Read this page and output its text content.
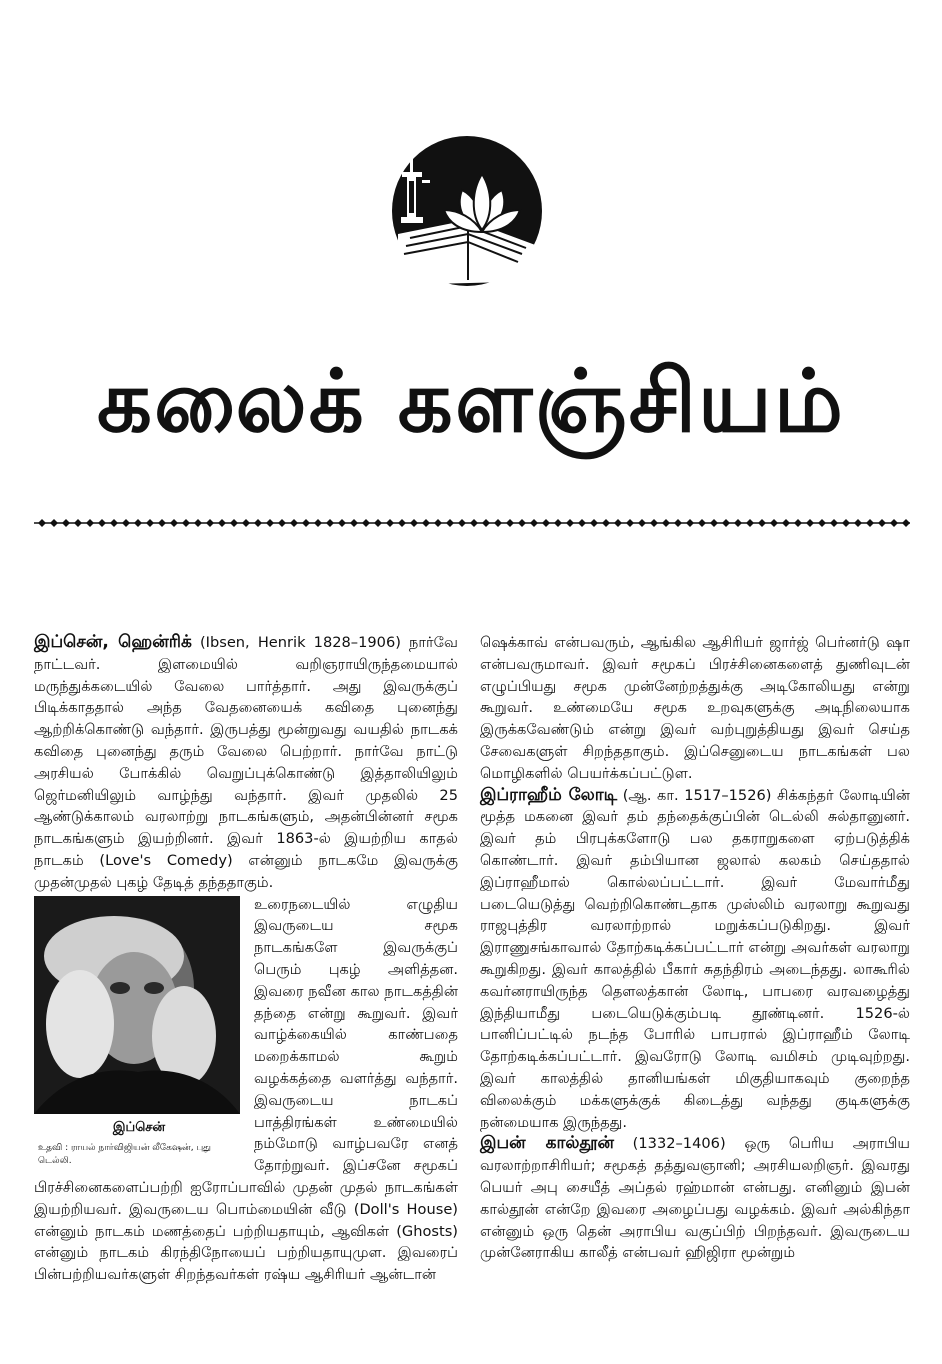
கலைக் களஞ்சியம்

இப்சென், ஹென்ரிக் (Ibsen, Henrik 1828–1906) நார்வே நாட்டவர். இளமையில் வறிஞராயிருந்தமையால் மருந்துக்கடையில் வேலை பார்த்தார். அது இவருக்குப் பிடிக்காததால் அந்த வேதனையைக் கவிதை புனைந்து ஆற்றிக்கொண்டு வந்தார். இருபத்து மூன்றுவது வயதில் நாடகக் கவிதை புனைந்து தரும் வேலை பெற்றார். நார்வே நாட்டு அரசியல் போக்கில் வெறுப்புக்கொண்டு இத்தாலியிலும் ஜெர்மனியிலும் வாழ்ந்து வந்தார். இவர் முதலில் 25 ஆண்டுக்காலம் வரலாற்று நாடகங்களும், அதன்பின்னர் சமூக நாடகங்களும் இயற்றினர். இவர் 1863-ல் இயற்றிய காதல் நாடகம் (Love's Comedy) என்னும் நாடகமே இவருக்கு முதன்முதல் புகழ் தேடித் தந்ததாகும்.

இப்சென்
உதவி : ராயல் நார்விஜியன் லீகேஷன், புது டெல்லி.

உரைநடையில் எழுதிய இவருடைய சமூக நாடகங்களே இவருக்குப் பெரும் புகழ் அளித்தன. இவரை நவீன கால நாடகத்தின் தந்தை என்று கூறுவர். இவர் வாழ்க்கையில் காண்பதை மறைக்காமல் கூறும் வழக்கத்தை வளர்த்து வந்தார். இவருடைய நாடகப் பாத்திரங்கள் உண்மையில் நம்மோடு வாழ்பவரே எனத் தோற்றுவர். இப்சனே சமூகப் பிரச்சினைகளைப்பற்றி ஐரோப்பாவில் முதன் முதல் நாடகங்கள் இயற்றியவர். இவருடைய பொம்மையின் வீடு (Doll's House) என்னும் நாடகம் மணத்தைப் பற்றியதாயும், ஆவிகள் (Ghosts) என்னும் நாடகம் கிரந்திநோயைப் பற்றியதாயுமுள. இவரைப் பின்பற்றியவர்களுள் சிறந்தவர்கள் ரஷ்ய ஆசிரியர் ஆன்டான்

ஷெக்காவ் என்பவரும், ஆங்கில ஆசிரியர் ஜார்ஜ் பெர்னர்டு ஷா என்பவருமாவர். இவர் சமூகப் பிரச்சினைகளைத் துணிவுடன் எழுப்பியது சமூக முன்னேற்றத்துக்கு அடிகோலியது என்று கூறுவர். உண்மையே சமூக உறவுகளுக்கு அடிநிலையாக இருக்கவேண்டும் என்று இவர் வற்புறுத்தியது இவர் செய்த சேவைகளுள் சிறந்ததாகும். இப்செனுடைய நாடகங்கள் பல மொழிகளில் பெயர்க்கப்பட்டுள.

இப்ராஹீம் லோடி (ஆ. கா. 1517–1526) சிக்கந்தர் லோடியின் மூத்த மகனை இவர் தம் தந்தைக்குப்பின் டெல்லி சுல்தானுனர். இவர் தம் பிரபுக்களோடு பல தகராறுகளை ஏற்படுத்திக் கொண்டார். இவர் தம்பியான ஜலால் கலகம் செய்ததால் இப்ராஹீமால் கொல்லப்பட்டார். இவர் மேவார்மீது படையெடுத்து வெற்றிகொண்டதாக முஸ்லிம் வரலாறு கூறுவது ராஜபுத்திர வரலாற்றால் மறுக்கப்படுகிறது. இவர் இராணுசங்காவால் தோற்கடிக்கப்பட்டார் என்று அவர்கள் வரலாறு கூறுகிறது. இவர் காலத்தில் பீகார் சுதந்திரம் அடைந்தது. லாகூரில் கவர்னராயிருந்த தௌலத்கான் லோடி, பாபரை வரவழைத்து இந்தியாமீது படையெடுக்கும்படி தூண்டினர். 1526-ல் பானிப்பட்டில் நடந்த போரில் பாபரால் இப்ராஹீம் லோடி தோற்கடிக்கப்பட்டார். இவரோடு லோடி வமிசம் முடிவுற்றது. இவர் காலத்தில் தானியங்கள் மிகுதியாகவும் குறைந்த விலைக்கும் மக்களுக்குக் கிடைத்து வந்தது குடிகளுக்கு நன்மையாக இருந்தது.

இபன் கால்தூன் (1332–1406) ஒரு பெரிய அராபிய வரலாற்றாசிரியர்; சமூகத் தத்துவஞானி; அரசியலறிஞர். இவரது பெயர் அபு சையீத் அப்தல் ரஹ்மான் என்பது. எனினும் இபன் கால்தூன் என்றே இவரை அழைப்பது வழக்கம். இவர் அல்கிந்தா என்னும் ஒரு தென் அராபிய வகுப்பிற் பிறந்தவர். இவருடைய முன்னேராகிய காலீத் என்பவர் ஹிஜிரா மூன்றும்
